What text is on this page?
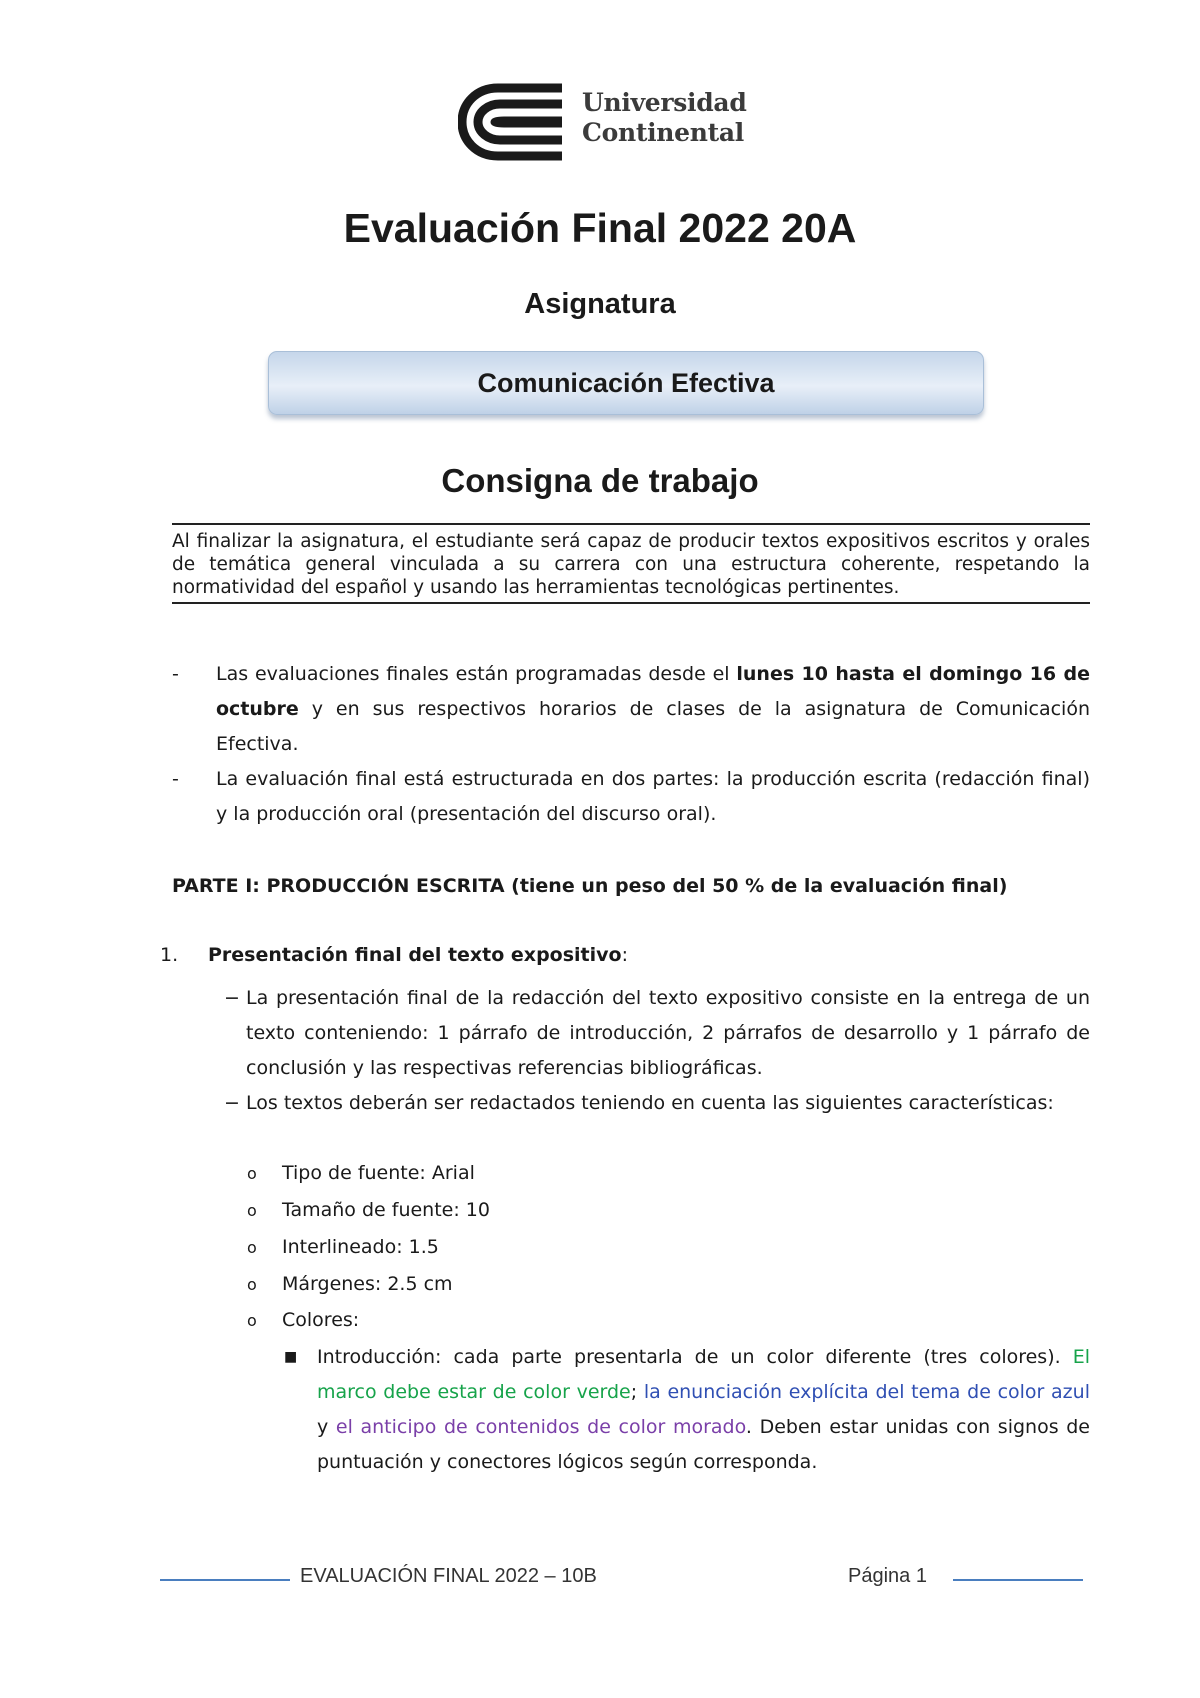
Universidad
Continental
Evaluación Final 2022 20A
Asignatura
Comunicación Efectiva
Consigna de trabajo
Al finalizar la asignatura, el estudiante será capaz de producir textos expositivos escritos y orales de temática general vinculada a su carrera con una estructura coherente, respetando la normatividad del español y usando las herramientas tecnológicas pertinentes.
- Las evaluaciones finales están programadas desde el lunes 10 hasta el domingo 16 de octubre y en sus respectivos horarios de clases de la asignatura de Comunicación Efectiva.
- La evaluación final está estructurada en dos partes: la producción escrita (redacción final) y la producción oral (presentación del discurso oral).
PARTE I: PRODUCCIÓN ESCRITA (tiene un peso del 50 % de la evaluación final)
1. Presentación final del texto expositivo:
− La presentación final de la redacción del texto expositivo consiste en la entrega de un texto conteniendo: 1 párrafo de introducción, 2 párrafos de desarrollo y 1 párrafo de conclusión y las respectivas referencias bibliográficas.
− Los textos deberán ser redactados teniendo en cuenta las siguientes características:
o Tipo de fuente: Arial
o Tamaño de fuente: 10
o Interlineado: 1.5
o Márgenes: 2.5 cm
o Colores:
■ Introducción: cada parte presentarla de un color diferente (tres colores). El marco debe estar de color verde; la enunciación explícita del tema de color azul y el anticipo de contenidos de color morado. Deben estar unidas con signos de puntuación y conectores lógicos según corresponda.
EVALUACIÓN FINAL 2022 – 10B	Página 1
